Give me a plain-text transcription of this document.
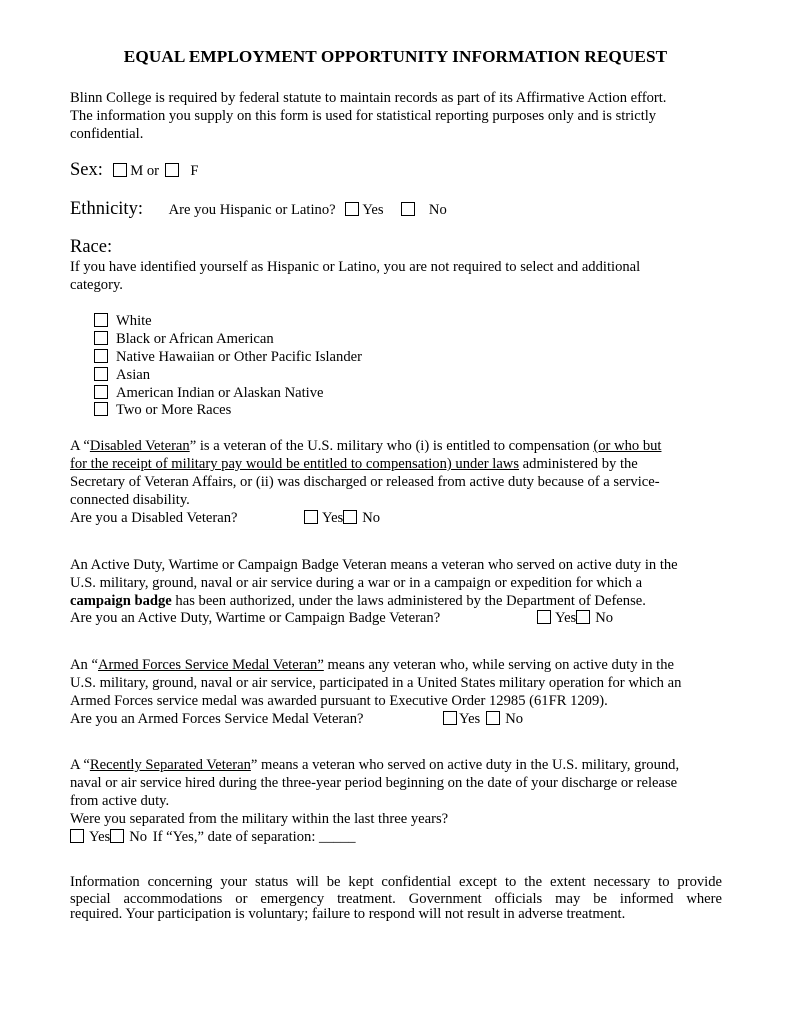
EQUAL EMPLOYMENT OPPORTUNITY INFORMATION REQUEST
Blinn College is required by federal statute to maintain records as part of its Affirmative Action effort.
The information you supply on this form is used for statistical reporting purposes only and is strictly
confidential.
Sex: M or F
Ethnicity: Are you Hispanic or Latino? Yes	No
Race:
If you have identified yourself as Hispanic or Latino, you are not required to select and additional
category.
White
Black or African American
Native Hawaiian or Other Pacific Islander
Asian
American Indian or Alaskan Native
Two or More Races
A “Disabled Veteran” is a veteran of the U.S. military who (i) is entitled to compensation (or who but
for the receipt of military pay would be entitled to compensation) under laws administered by the
Secretary of Veteran Affairs, or (ii) was discharged or released from active duty because of a service-
connected disability.
Are you a Disabled Veteran?	Yes No
An Active Duty, Wartime or Campaign Badge Veteran means a veteran who served on active duty in the
U.S. military, ground, naval or air service during a war or in a campaign or expedition for which a
campaign badge has been authorized, under the laws administered by the Department of Defense.
Are you an Active Duty, Wartime or Campaign Badge Veteran?	Yes No
An “Armed Forces Service Medal Veteran” means any veteran who, while serving on active duty in the
U.S. military, ground, naval or air service, participated in a United States military operation for which an
Armed Forces service medal was awarded pursuant to Executive Order 12985 (61FR 1209).
Are you an Armed Forces Service Medal Veteran?	Yes No
A “Recently Separated Veteran” means a veteran who served on active duty in the U.S. military, ground,
naval or air service hired during the three-year period beginning on the date of your discharge or release
from active duty.
Were you separated from the military within the last three years?
Yes No If “Yes,” date of separation: _____
Information concerning your status will be kept confidential except to the extent necessary to provide
special accommodations or emergency treatment. Government officials may be informed where
required. Your participation is voluntary; failure to respond will not result in adverse treatment.
